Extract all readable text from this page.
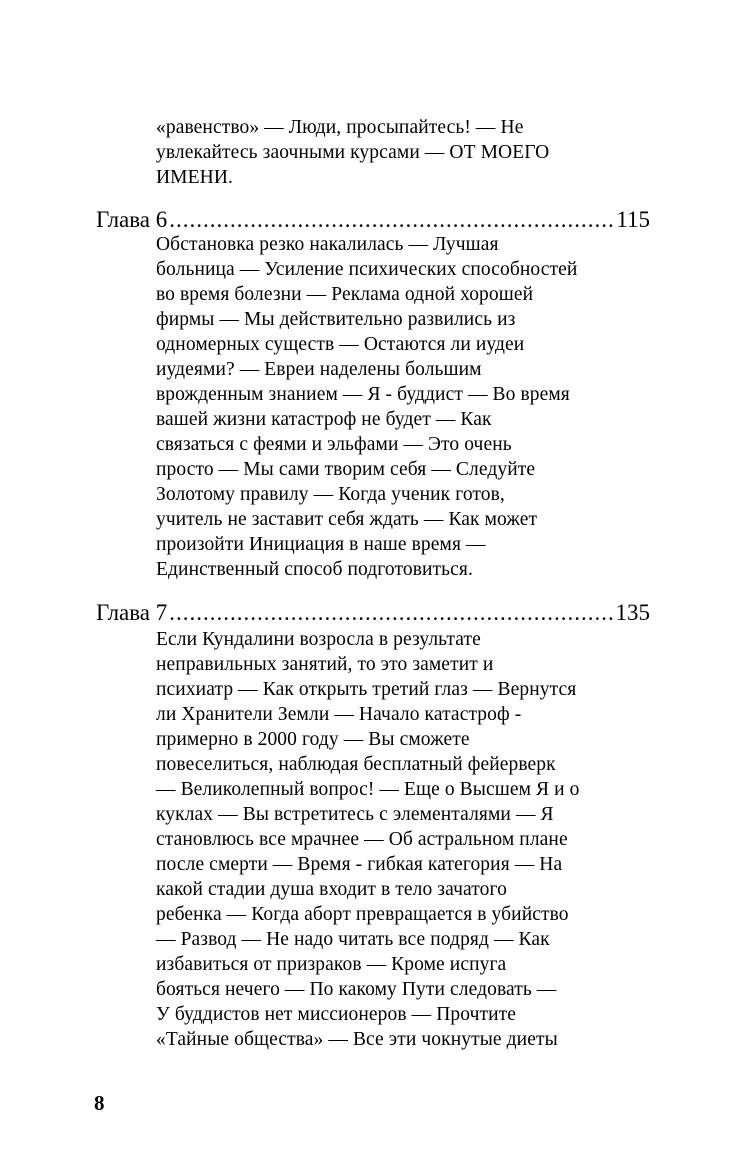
«равенство» — Люди, просыпайтесь! — Не
увлекайтесь заочными курсами — ОТ МОЕГО
ИМЕНИ.
Глава 6 .....	115
Обстановка резко накалилась — Лучшая
больница — Усиление психических способностей
во время болезни — Реклама одной хорошей
фирмы — Мы действительно развились из
одномерных существ — Остаются ли иудеи
иудеями? — Евреи наделены большим
врожденным знанием — Я - буддист — Во время
вашей жизни катастроф не будет — Как
связаться с феями и эльфами — Это очень
просто — Мы сами творим себя — Следуйте
Золотому правилу — Когда ученик готов,
учитель не заставит себя ждать — Как может
произойти Инициация в наше время —
Единственный способ подготовиться.
Глава 7 .....	135
Если Кундалини возросла в результате
неправильных занятий, то это заметит и
психиатр — Как открыть третий глаз — Вернутся
ли Хранители Земли — Начало катастроф -
примерно в 2000 году — Вы сможете
повеселиться, наблюдая бесплатный фейерверк
— Великолепный вопрос! — Еще о Высшем Я и о
куклах — Вы встретитесь с элементалями — Я
становлюсь все мрачнее — Об астральном плане
после смерти — Время - гибкая категория — На
какой стадии душа входит в тело зачатого
ребенка — Когда аборт превращается в убийство
— Развод — Не надо читать все подряд — Как
избавиться от призраков — Кроме испуга
бояться нечего — По какому Пути следовать —
У буддистов нет миссионеров — Прочтите
«Тайные общества» — Все эти чокнутые диеты
8
